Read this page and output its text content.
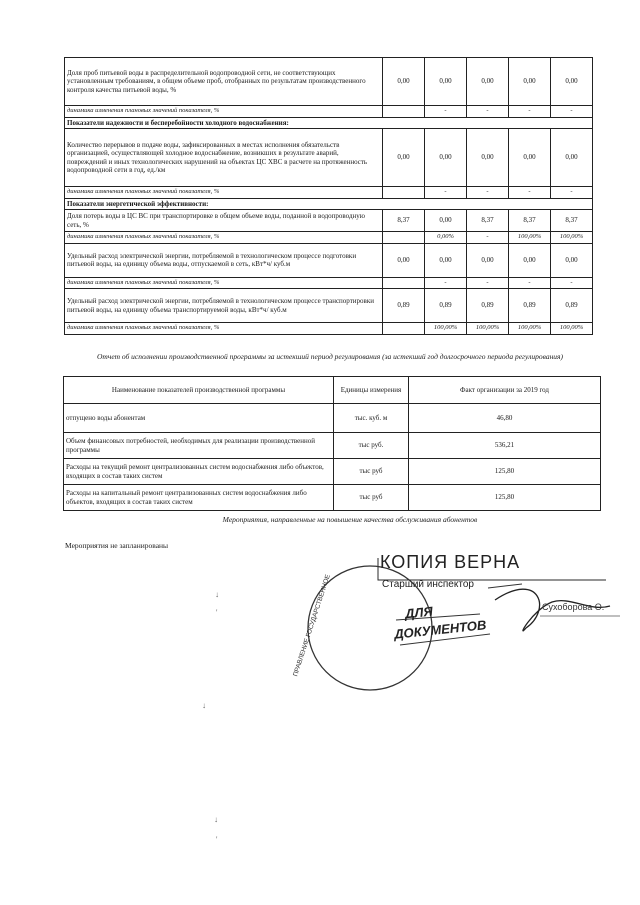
Доля проб питьевой воды в распределительной водопроводной сети, не соответствующих установленным требованиям, в общем объеме проб, отобранных по результатам производственного контроля качества питьевой воды, %	0,00	0,00	0,00	0,00	0,00
динамика изменения плановых значений показателя, %		-	-	-	-
Показатели надежности и бесперебойности холодного водоснабжения:					
Количество перерывов в подаче воды, зафиксированных в местах исполнения обязательств организацией, осуществляющей холодное водоснабжение, возникших в результате аварий, повреждений и иных технологических нарушений на объектах ЦС ХВС в расчете на протяженность водопроводной сети в год, ед./км	0,00	0,00	0,00	0,00	0,00
динамика изменения плановых значений показателя, %		-	-	-	-
Показатели энергетической эффективности:					
Доля потерь воды в ЦС ВС при транспортировке в общем объеме воды, поданной в водопроводную сеть, %	8,37	0,00	8,37	8,37	8,37
динамика изменения плановых значений показателя, %		0,00%	-	100,00%	100,00%
Удельный расход электрической энергии, потребляемой в технологическом процессе подготовки питьевой воды, на единицу объема воды, отпускаемой в сеть, кВт*ч/ куб.м	0,00	0,00	0,00	0,00	0,00
динамика изменения плановых значений показателя, %		-	-	-	-
Удельный расход электрической энергии, потребляемой в технологическом процессе транспортировки питьевой воды, на единицу объема транспортируемой воды, кВт*ч/ куб.м	0,89	0,89	0,89	0,89	0,89
динамика изменения плановых значений показателя, %		100,00%	100,00%	100,00%	100,00%
Отчет об исполнении производственной программы за истекший период регулирования (за истекший год долгосрочного периода регулирования)
Наименование показателей производственной программы	Единицы измерения	Факт организации за 2019 год
отпущено воды абонентам	тыс. куб. м	46,80
Объем финансовых потребностей, необходимых для реализации производственной программы	тыс руб.	536,21
Расходы на текущий ремонт централизованных систем водоснабжения либо объектов, входящих в состав таких систем	тыс руб	125,80
Расходы на капитальный ремонт централизованных систем водоснабжения либо объектов, входящих в состав таких систем	тыс руб	125,80
Мероприятия, направленные на повышение качества обслуживания абонентов
Мероприятия не запланированы
↓
'
↓
↓
'
КОПИЯ ВЕРНА
Старший инспектор
ДЛЯ
ДОКУМЕНТОВ
ПРАВЛЕНИЕ ГОСУДАРСТВЕННОЕ	Сухоборова О.
